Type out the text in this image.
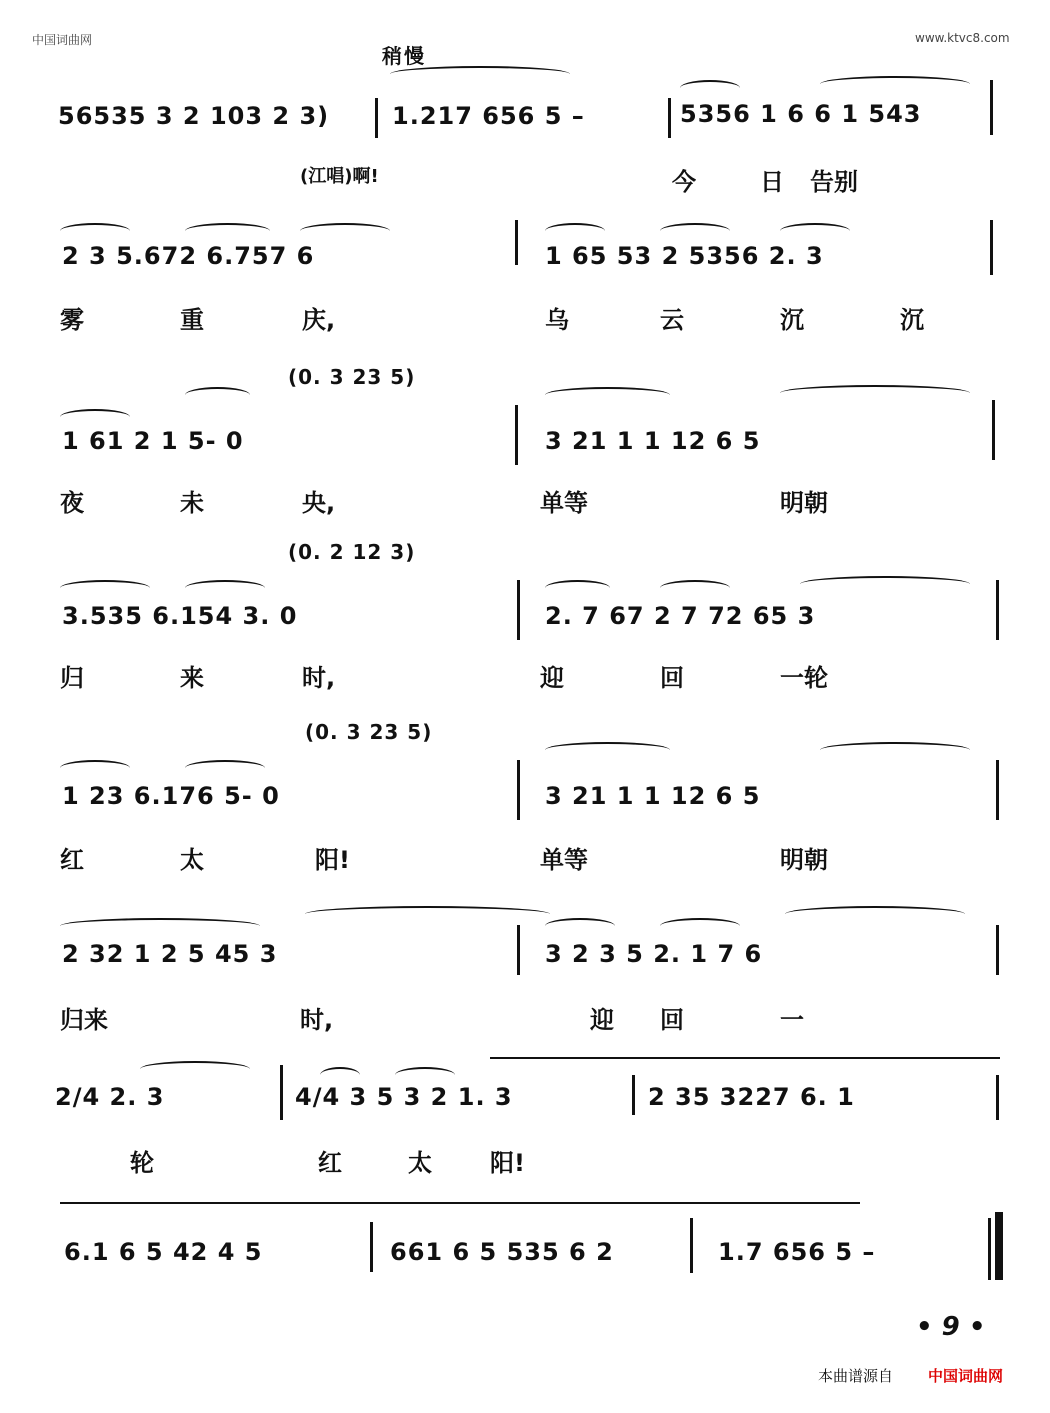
中国词曲网	www.ktvc8.com
稍慢
56535 3 2 103 2 3)	1.217 656 5 –	5356 1 6 6 1 543
(江唱)啊!	今	日 告别
2 3 5.672 6.757 6	1 65 53 2 5356 2. 3
雾	重	庆,	乌	云	沉	沉
(0. 3 23 5)
1 61 2 1 5- 0	3 21 1 1 12 6 5
夜	未	央,	单等	明朝
(0. 2 12 3)
3.535 6.154 3. 0	2. 7 67 2 7 72 65 3
归	来	时,	迎	回	一轮
(0. 3 23 5)
1 23 6.176 5- 0	3 21 1 1 12 6 5
红	太	阳!	单等	明朝
2 32 1 2 5 45 3	3 2 3 5 2. 1 7 6
归来	时,	迎 回	一
2/4 2. 3	4/4 3 5 3 2 1. 3	2 35 3227 6. 1
轮	红	太 阳!
6.1 6 5 42 4 5	661 6 5 535 6 2	1.7 656 5 –
• 9 •
本曲谱源自 中国词曲网
